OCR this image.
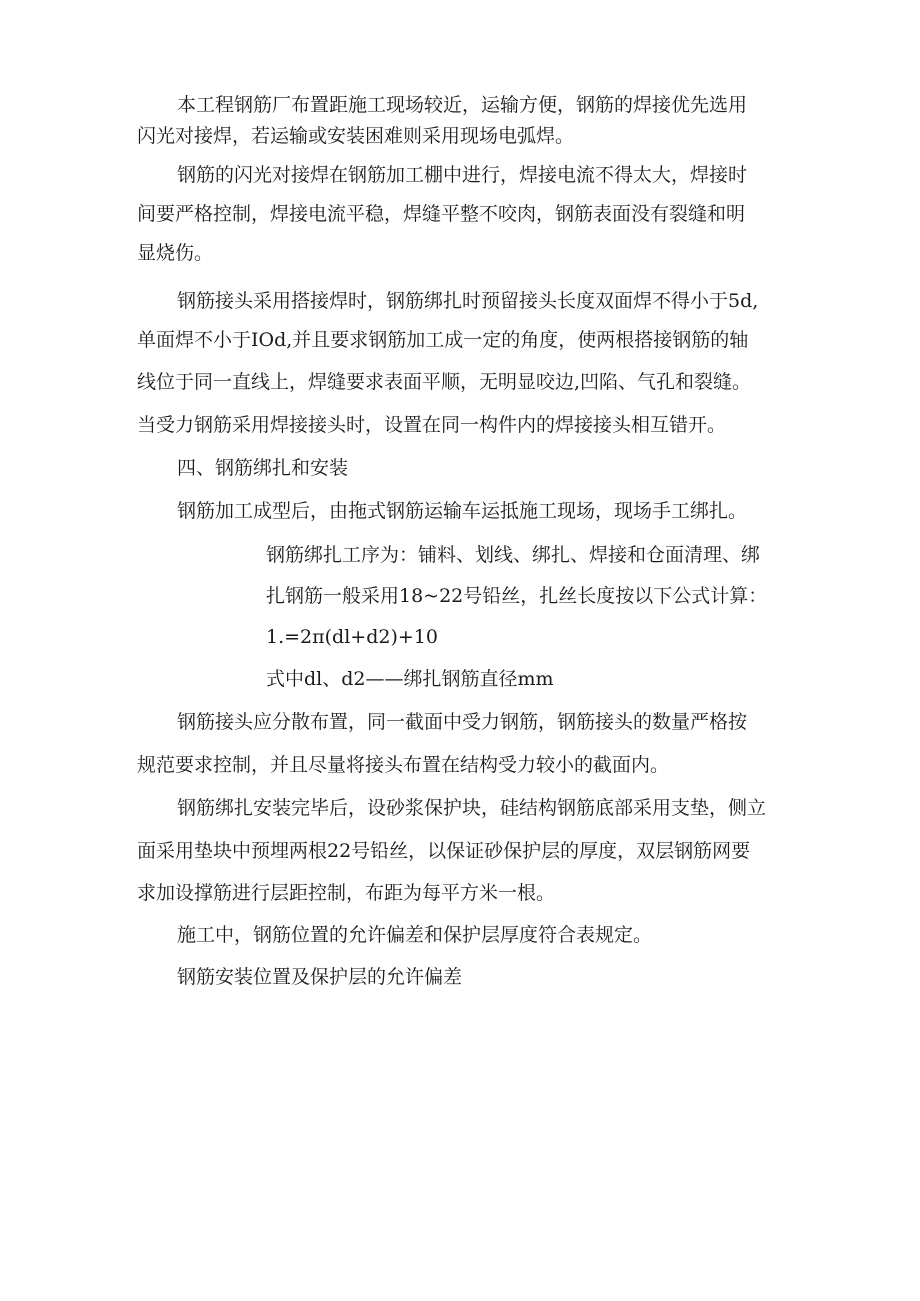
本工程钢筋厂布置距施工现场较近，运输方便，钢筋的焊接优先选用
闪光对接焊，若运输或安装困难则采用现场电弧焊。
钢筋的闪光对接焊在钢筋加工棚中进行，焊接电流不得太大，焊接时
间要严格控制，焊接电流平稳，焊缝平整不咬肉，钢筋表面没有裂缝和明
显烧伤。
钢筋接头采用搭接焊时，钢筋绑扎时预留接头长度双面焊不得小于5d,
单面焊不小于IOd,并且要求钢筋加工成一定的角度，使两根搭接钢筋的轴
线位于同一直线上，焊缝要求表面平顺，无明显咬边,凹陷、气孔和裂缝。
当受力钢筋采用焊接接头时，设置在同一构件内的焊接接头相互错开。
四、钢筋绑扎和安装
钢筋加工成型后，由拖式钢筋运输车运抵施工现场，现场手工绑扎。
钢筋绑扎工序为：铺料、划线、绑扎、焊接和仓面清理、绑
扎钢筋一般采用18~22号铅丝，扎丝长度按以下公式计算：
1.=2π(dl+d2)+10
式中dl、d2——绑扎钢筋直径mm
钢筋接头应分散布置，同一截面中受力钢筋，钢筋接头的数量严格按
规范要求控制，并且尽量将接头布置在结构受力较小的截面内。
钢筋绑扎安装完毕后，设砂浆保护块，硅结构钢筋底部采用支垫，侧立
面采用垫块中预埋两根22号铅丝，以保证砂保护层的厚度，双层钢筋网要
求加设撑筋进行层距控制，布距为每平方米一根。
施工中，钢筋位置的允许偏差和保护层厚度符合表规定。
钢筋安装位置及保护层的允许偏差
